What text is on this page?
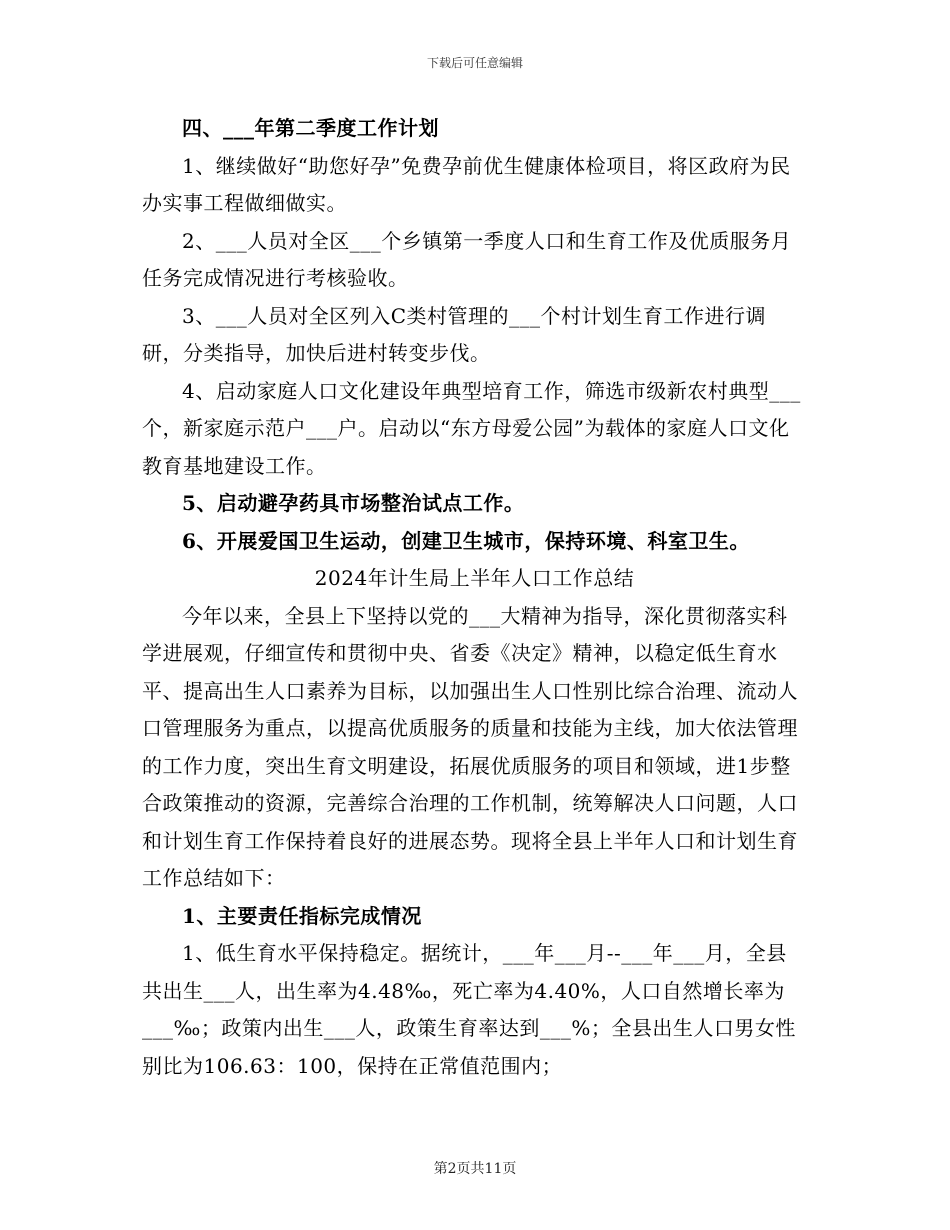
下载后可任意编辑

四、___年第二季度工作计划

1、继续做好“助您好孕”免费孕前优生健康体检项目，将区政府为民办实事工程做细做实。

2、___人员对全区___个乡镇第一季度人口和生育工作及优质服务月任务完成情况进行考核验收。

3、___人员对全区列入C类村管理的___个村计划生育工作进行调研，分类指导，加快后进村转变步伐。

4、启动家庭人口文化建设年典型培育工作，筛选市级新农村典型___个，新家庭示范户___户。启动以“东方母爱公园”为载体的家庭人口文化教育基地建设工作。

5、启动避孕药具市场整治试点工作。

6、开展爱国卫生运动，创建卫生城市，保持环境、科室卫生。

2024年计生局上半年人口工作总结

今年以来，全县上下坚持以党的___大精神为指导，深化贯彻落实科学进展观，仔细宣传和贯彻中央、省委《决定》精神，以稳定低生育水平、提高出生人口素养为目标，以加强出生人口性别比综合治理、流动人口管理服务为重点，以提高优质服务的质量和技能为主线，加大依法管理的工作力度，突出生育文明建设，拓展优质服务的项目和领域，进1步整合政策推动的资源，完善综合治理的工作机制，统筹解决人口问题，人口和计划生育工作保持着良好的进展态势。现将全县上半年人口和计划生育工作总结如下：

1、主要责任指标完成情况

1、低生育水平保持稳定。据统计，___年___月--___年___月，全县共出生___人，出生率为4.48‰，死亡率为4.40%，人口自然增长率为___‰；政策内出生___人，政策生育率达到___%；全县出生人口男女性别比为106.63：100，保持在正常值范围内；

第2页共11页
